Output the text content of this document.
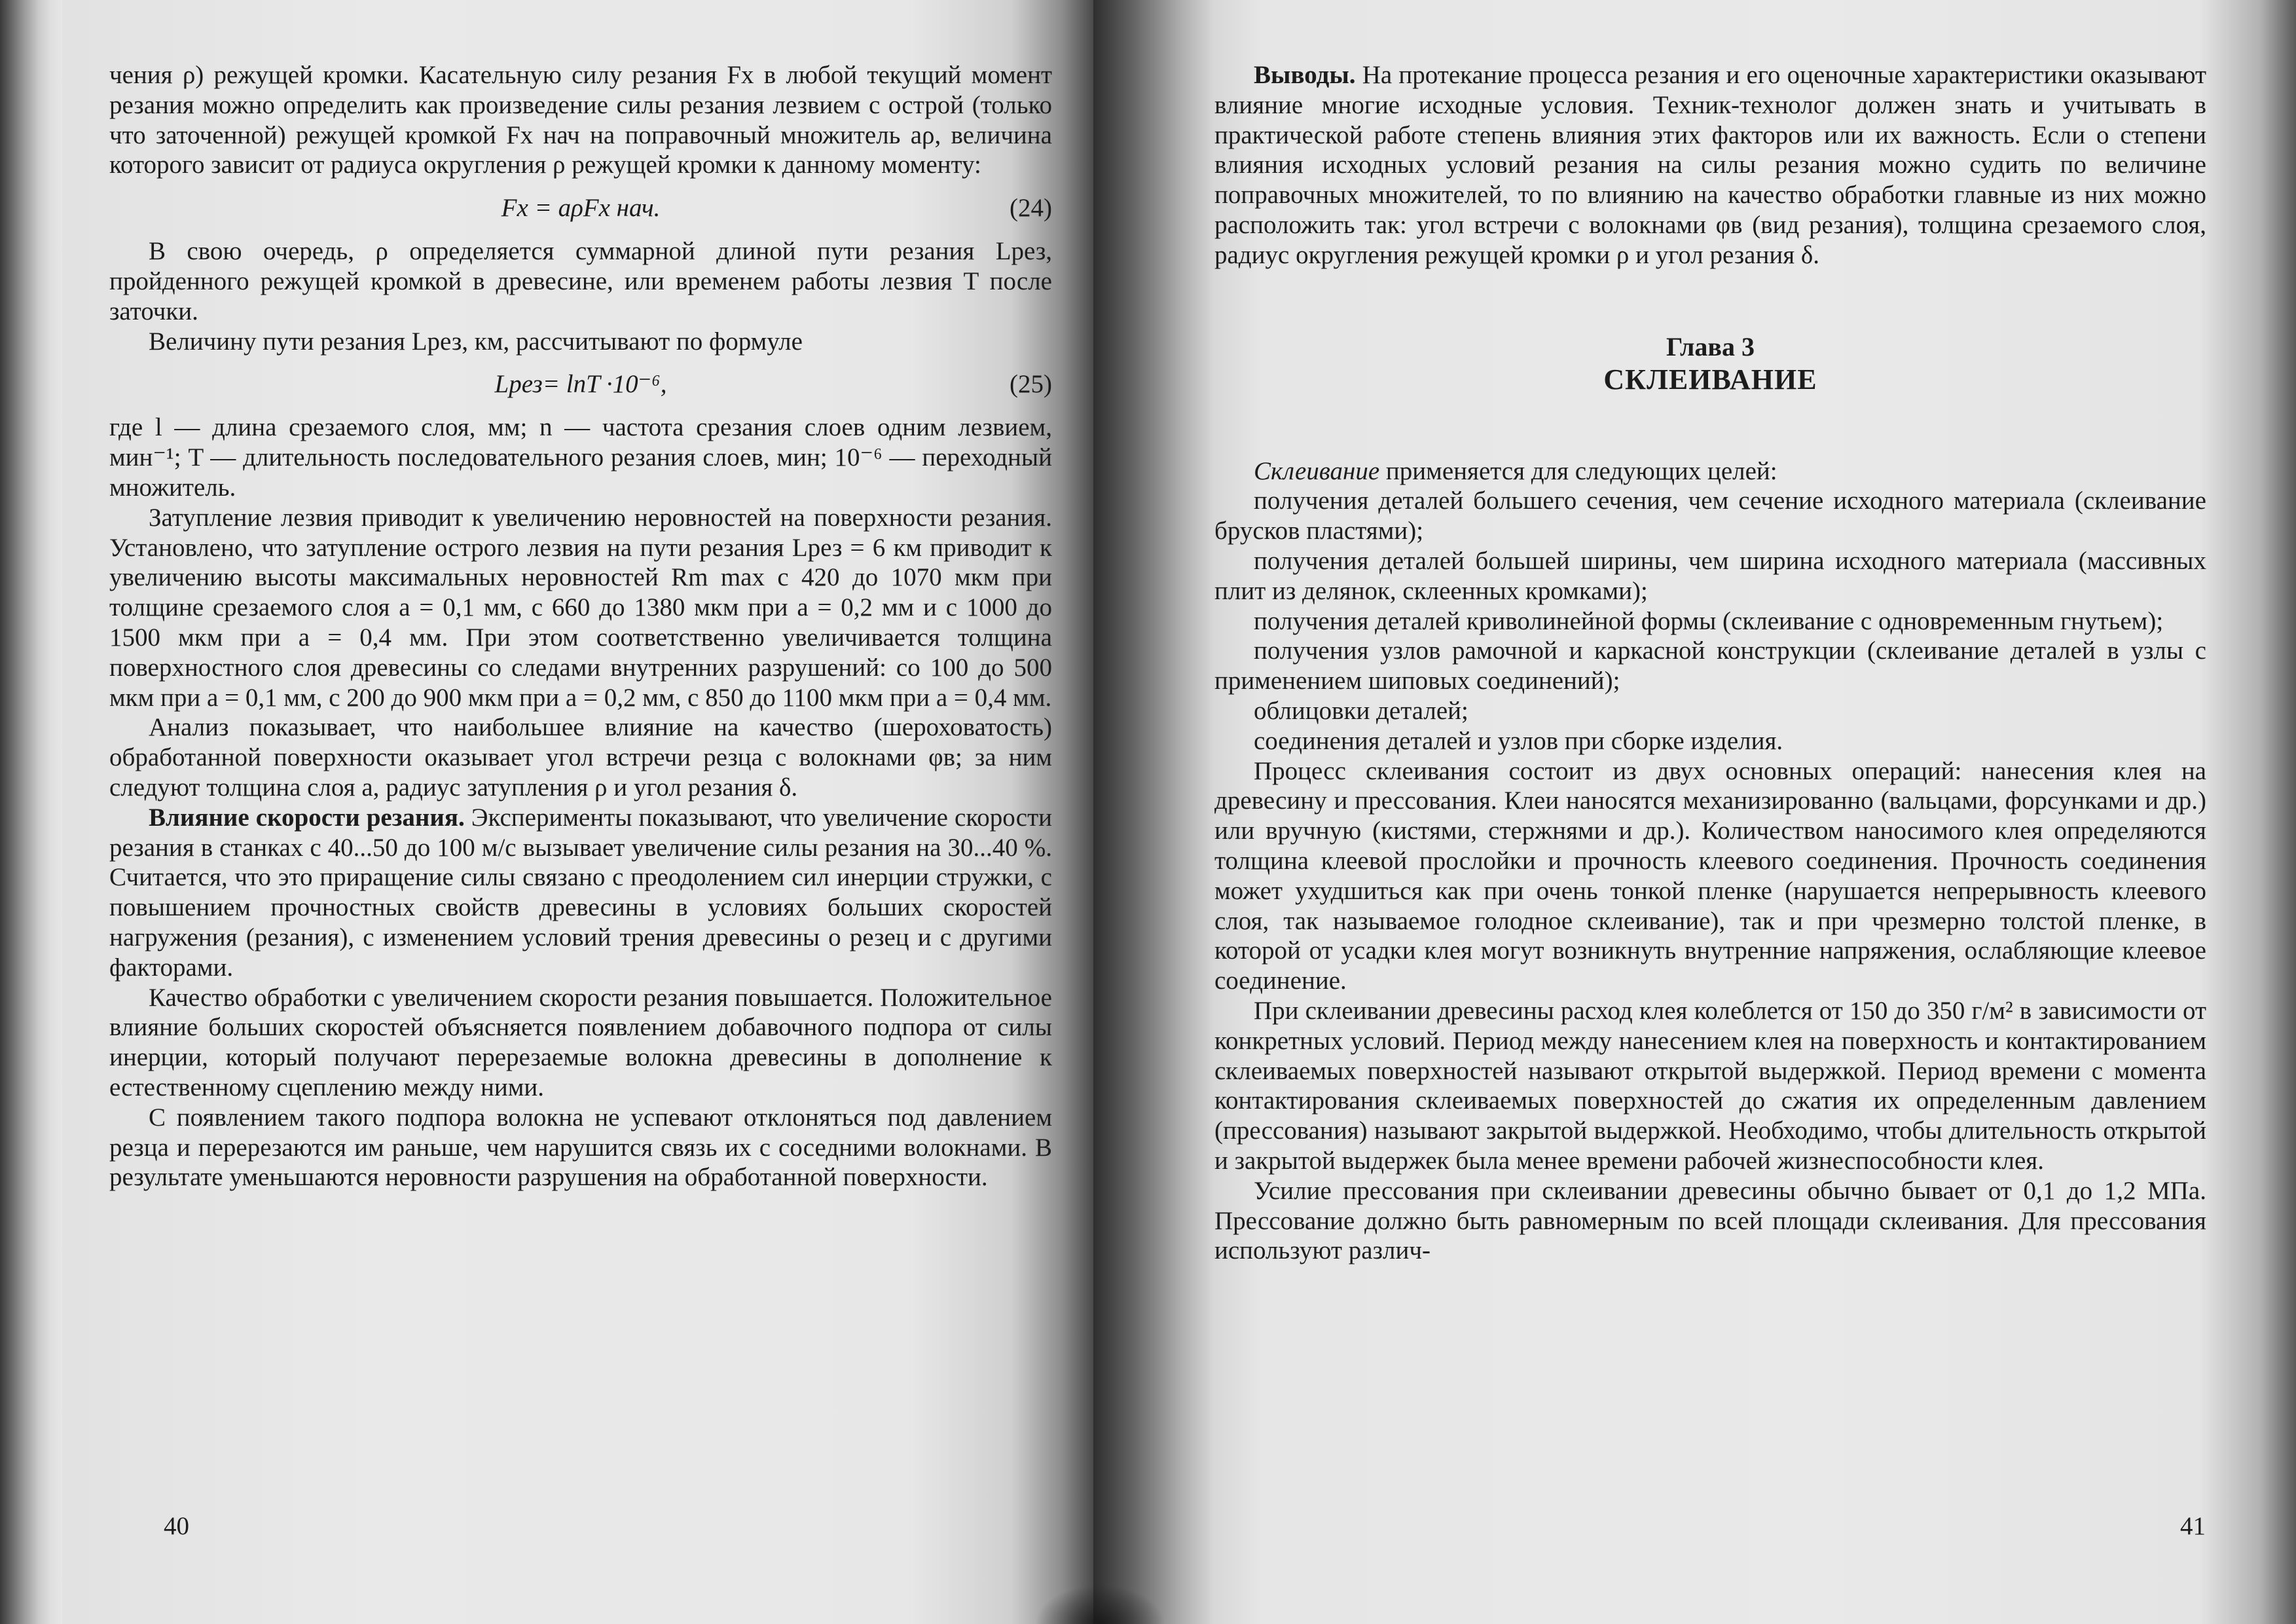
чения ρ) режущей кромки. Касательную силу резания Fx в любой текущий момент резания можно определить как произведение силы резания лезвием с острой (только что заточенной) режущей кромкой Fx нач на поправочный множитель aρ, величина которого зависит от радиуса округления ρ режущей кромки к данному моменту:

Fx = aρFx нач.	(24)

В свою очередь, ρ определяется суммарной длиной пути резания Lрез, пройденного режущей кромкой в древесине, или временем работы лезвия T после заточки.

Величину пути резания Lрез, км, рассчитывают по формуле

Lрез= lnT ·10⁻⁶,	(25)

где l — длина срезаемого слоя, мм; n — частота срезания слоев одним лезвием, мин⁻¹; T — длительность последовательного резания слоев, мин; 10⁻⁶ — переходный множитель.

Затупление лезвия приводит к увеличению неровностей на поверхности резания. Установлено, что затупление острого лезвия на пути резания Lрез = 6 км приводит к увеличению высоты максимальных неровностей Rm max с 420 до 1070 мкм при толщине срезаемого слоя a = 0,1 мм, с 660 до 1380 мкм при a = 0,2 мм и с 1000 до 1500 мкм при a = 0,4 мм. При этом соответственно увеличивается толщина поверхностного слоя древесины со следами внутренних разрушений: со 100 до 500 мкм при a = 0,1 мм, с 200 до 900 мкм при a = 0,2 мм, с 850 до 1100 мкм при a = 0,4 мм.

Анализ показывает, что наибольшее влияние на качество (шероховатость) обработанной поверхности оказывает угол встречи резца с волокнами φв; за ним следуют толщина слоя a, радиус затупления ρ и угол резания δ.

Влияние скорости резания. Эксперименты показывают, что увеличение скорости резания в станках с 40...50 до 100 м/с вызывает увеличение силы резания на 30...40 %. Считается, что это приращение силы связано с преодолением сил инерции стружки, с повышением прочностных свойств древесины в условиях больших скоростей нагружения (резания), с изменением условий трения древесины о резец и с другими факторами.

Качество обработки с увеличением скорости резания повышается. Положительное влияние больших скоростей объясняется появлением добавочного подпора от силы инерции, который получают перерезаемые волокна древесины в дополнение к естественному сцеплению между ними.

С появлением такого подпора волокна не успевают отклоняться под давлением резца и перерезаются им раньше, чем нарушится связь их с соседними волокнами. В результате уменьшаются неровности разрушения на обработанной поверхности.

Выводы. На протекание процесса резания и его оценочные характеристики оказывают влияние многие исходные условия. Техник-технолог должен знать и учитывать в практической работе степень влияния этих факторов или их важность. Если о степени влияния исходных условий резания на силы резания можно судить по величине поправочных множителей, то по влиянию на качество обработки главные из них можно расположить так: угол встречи с волокнами φв (вид резания), толщина срезаемого слоя, радиус округления режущей кромки ρ и угол резания δ.

Глава 3
СКЛЕИВАНИЕ

Склеивание применяется для следующих целей:

получения деталей большего сечения, чем сечение исходного материала (склеивание брусков пластями);

получения деталей большей ширины, чем ширина исходного материала (массивных плит из делянок, склеенных кромками);

получения деталей криволинейной формы (склеивание с одновременным гнутьем);

получения узлов рамочной и каркасной конструкции (склеивание деталей в узлы с применением шиповых соединений);

облицовки деталей;

соединения деталей и узлов при сборке изделия.

Процесс склеивания состоит из двух основных операций: нанесения клея на древесину и прессования. Клеи наносятся механизированно (вальцами, форсунками и др.) или вручную (кистями, стержнями и др.). Количеством наносимого клея определяются толщина клеевой прослойки и прочность клеевого соединения. Прочность соединения может ухудшиться как при очень тонкой пленке (нарушается непрерывность клеевого слоя, так называемое голодное склеивание), так и при чрезмерно толстой пленке, в которой от усадки клея могут возникнуть внутренние напряжения, ослабляющие клеевое соединение.

При склеивании древесины расход клея колеблется от 150 до 350 г/м² в зависимости от конкретных условий. Период между нанесением клея на поверхность и контактированием склеиваемых поверхностей называют открытой выдержкой. Период времени с момента контактирования склеиваемых поверхностей до сжатия их определенным давлением (прессования) называют закрытой выдержкой. Необходимо, чтобы длительность открытой и закрытой выдержек была менее времени рабочей жизнеспособности клея.

Усилие прессования при склеивании древесины обычно бывает от 0,1 до 1,2 МПа. Прессование должно быть равномерным по всей площади склеивания. Для прессования используют различ-

40	41
